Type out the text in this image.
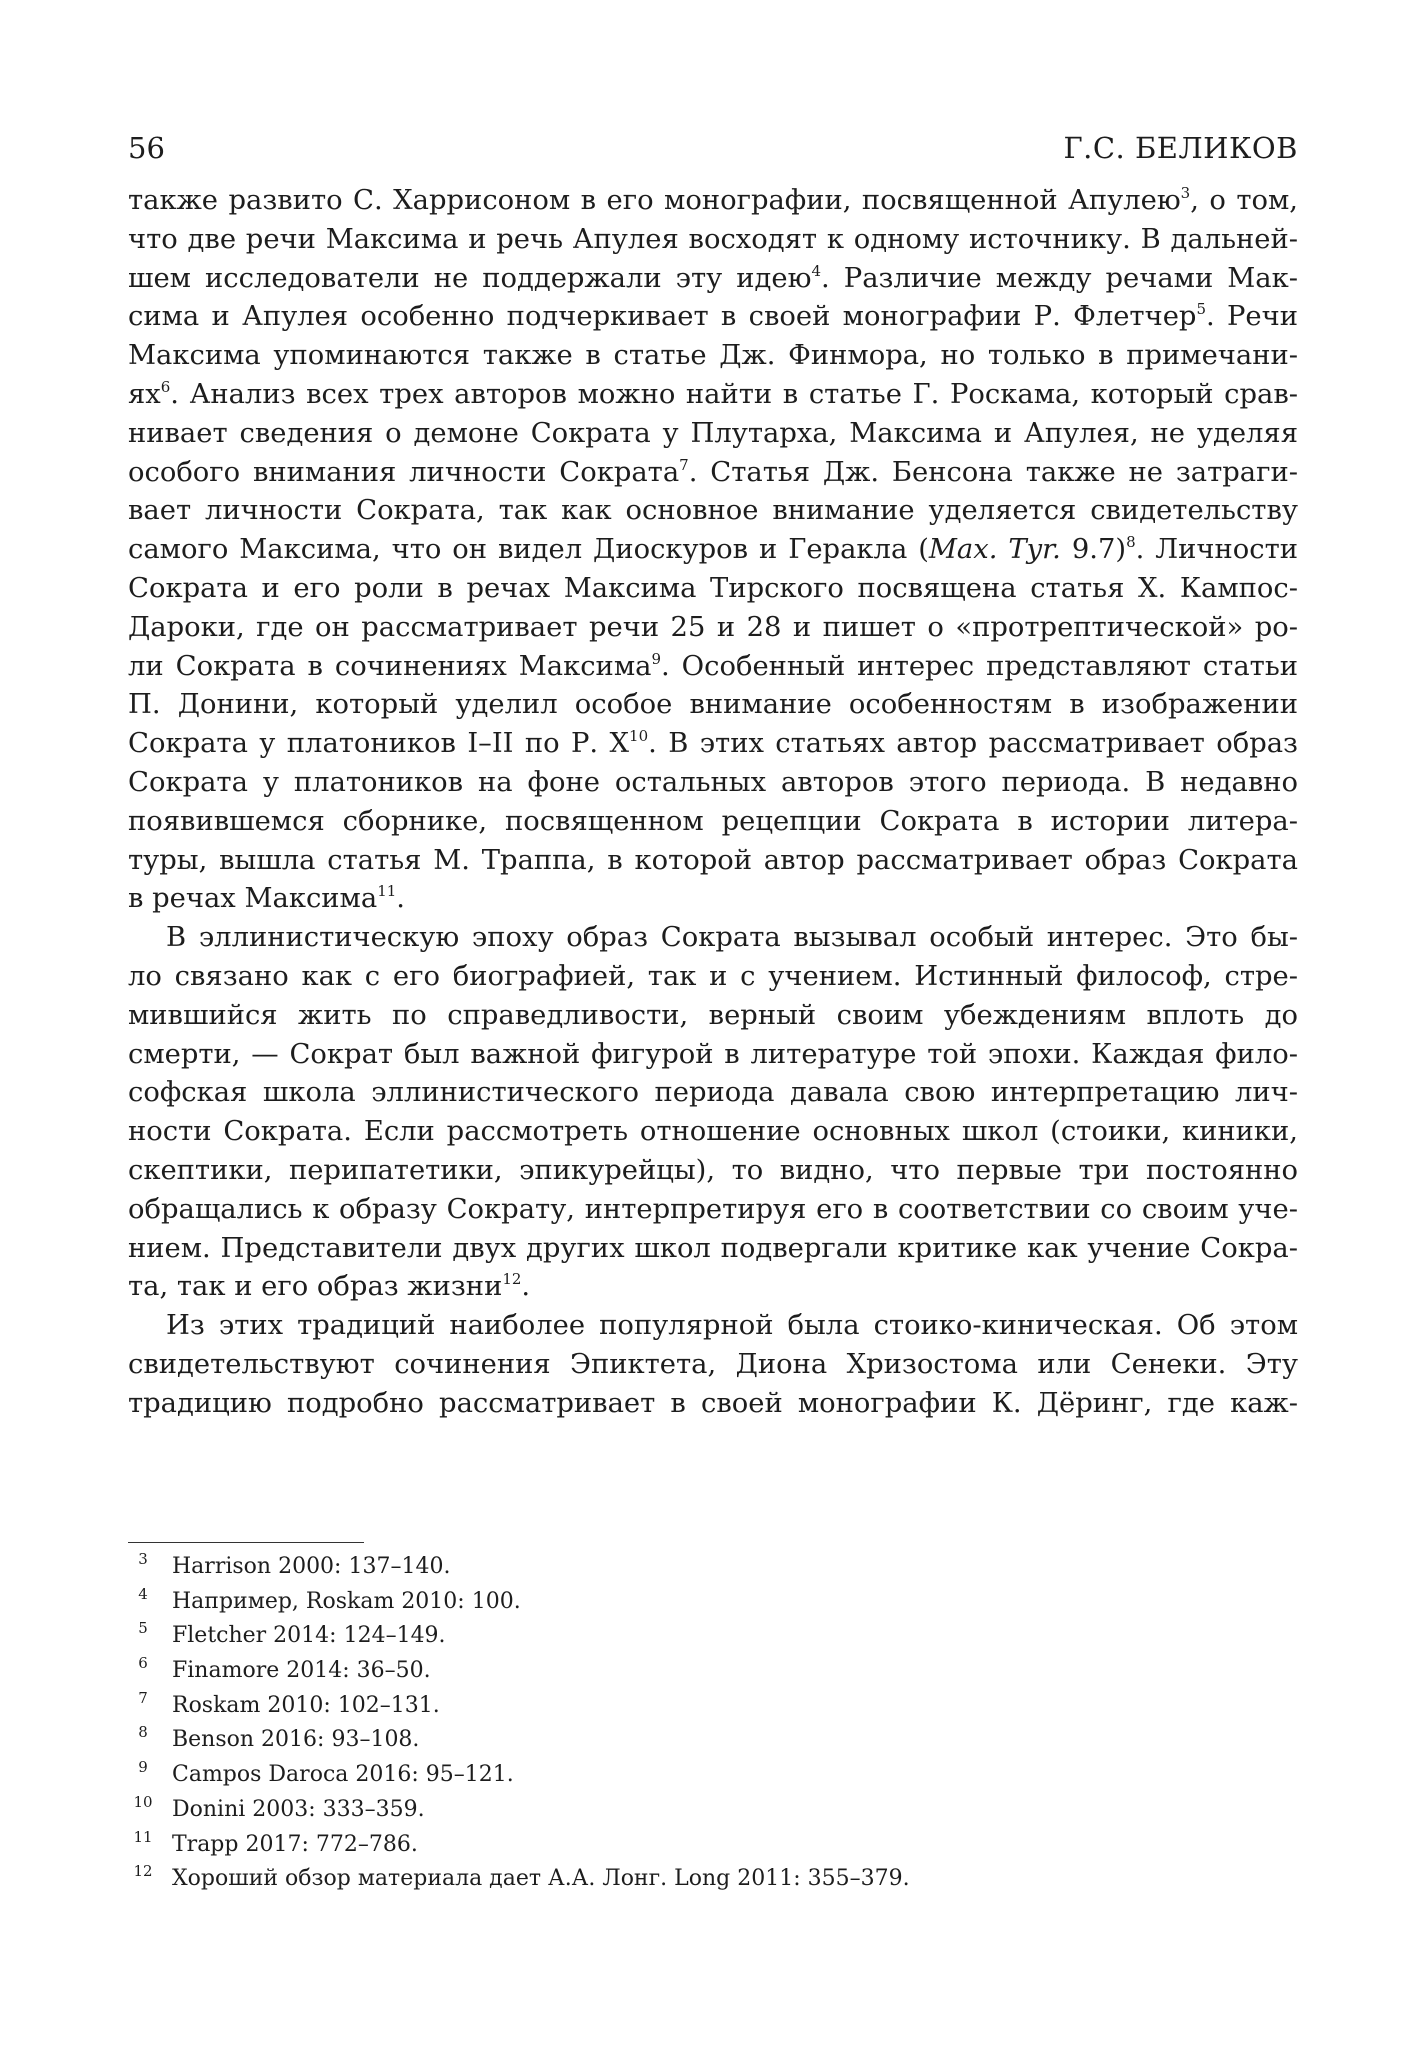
56	Г.С. БЕЛИКОВ
также развито С. Харрисоном в его монографии, посвященной Апулею$^3$, о том,
что две речи Максима и речь Апулея восходят к одному источнику. В дальней-
шем исследователи не поддержали эту идею$^4$. Различие между речами Мак-
сима и Апулея особенно подчеркивает в своей монографии Р. Флетчер$^5$. Речи
Максима упоминаются также в статье Дж. Финмора, но только в примечани-
$ях^6$. Анализ всех трех авторов можно найти в статье Г. Роскама, который срав-
нивает сведения о демоне Сократа у Плутарха, Максима и Апулея, не уделяя
особого внимания личности Сократа$^7$. Статья Дж. Бенсона также не затраги-
вает личности Сократа, так как основное внимание уделяется свидетельству
самого Максима, что он видел Диоскуров и Геракла (Max. Tyr. 9.7)$^8$. Личности
Сократа и его роли в речах Максима Тирского посвящена статья Х. Кампос-
Дароки, где он рассматривает речи 25 и 28 и пишет о «протрептической» ро-
ли Сократа в сочинениях Максима$^9$. Особенный интерес представляют статьи
П. Донини, который уделил особое внимание особенностям в изображении
Сократа у платоников I–II по Р. $Х^{10}$. В этих статьях автор рассматривает образ
Сократа у платоников на фоне остальных авторов этого периода. В недавно
появившемся сборнике, посвященном рецепции Сократа в истории литера-
туры, вышла статья М. Траппа, в которой автор рассматривает образ Сократа
в речах Максима$^{11}$.
В эллинистическую эпоху образ Сократа вызывал особый интерес. Это бы-
ло связано как с его биографией, так и с учением. Истинный философ, стре-
мившийся жить по справедливости, верный своим убеждениям вплоть до
смерти, — Сократ был важной фигурой в литературе той эпохи. Каждая фило-
софская школа эллинистического периода давала свою интерпретацию лич-
ности Сократа. Если рассмотреть отношение основных школ (стоики, киники,
скептики, перипатетики, эпикурейцы), то видно, что первые три постоянно
обращались к образу Сократу, интерпретируя его в соответствии со своим уче-
нием. Представители двух других школ подвергали критике как учение Сокра-
та, так и его образ жизни$^{12}$.
Из этих традиций наиболее популярной была стоико-киническая. Об этом
свидетельствуют сочинения Эпиктета, Диона Хризостома или Сенеки. Эту
традицию подробно рассматривает в своей монографии К. Дёринг, где каж-
3	Harrison 2000: 137–140.
4	Например, Roskam 2010: 100.
5	Fletcher 2014: 124–149.
6	Finamore 2014: 36–50.
7	Roskam 2010: 102–131.
8	Benson 2016: 93–108.
9	Campos Daroca 2016: 95–121.
10 Donini 2003: 333–359.
11 Trapp 2017: 772–786.
12 Хороший обзор материала дает А.А. Лонг. Long 2011: 355–379.
